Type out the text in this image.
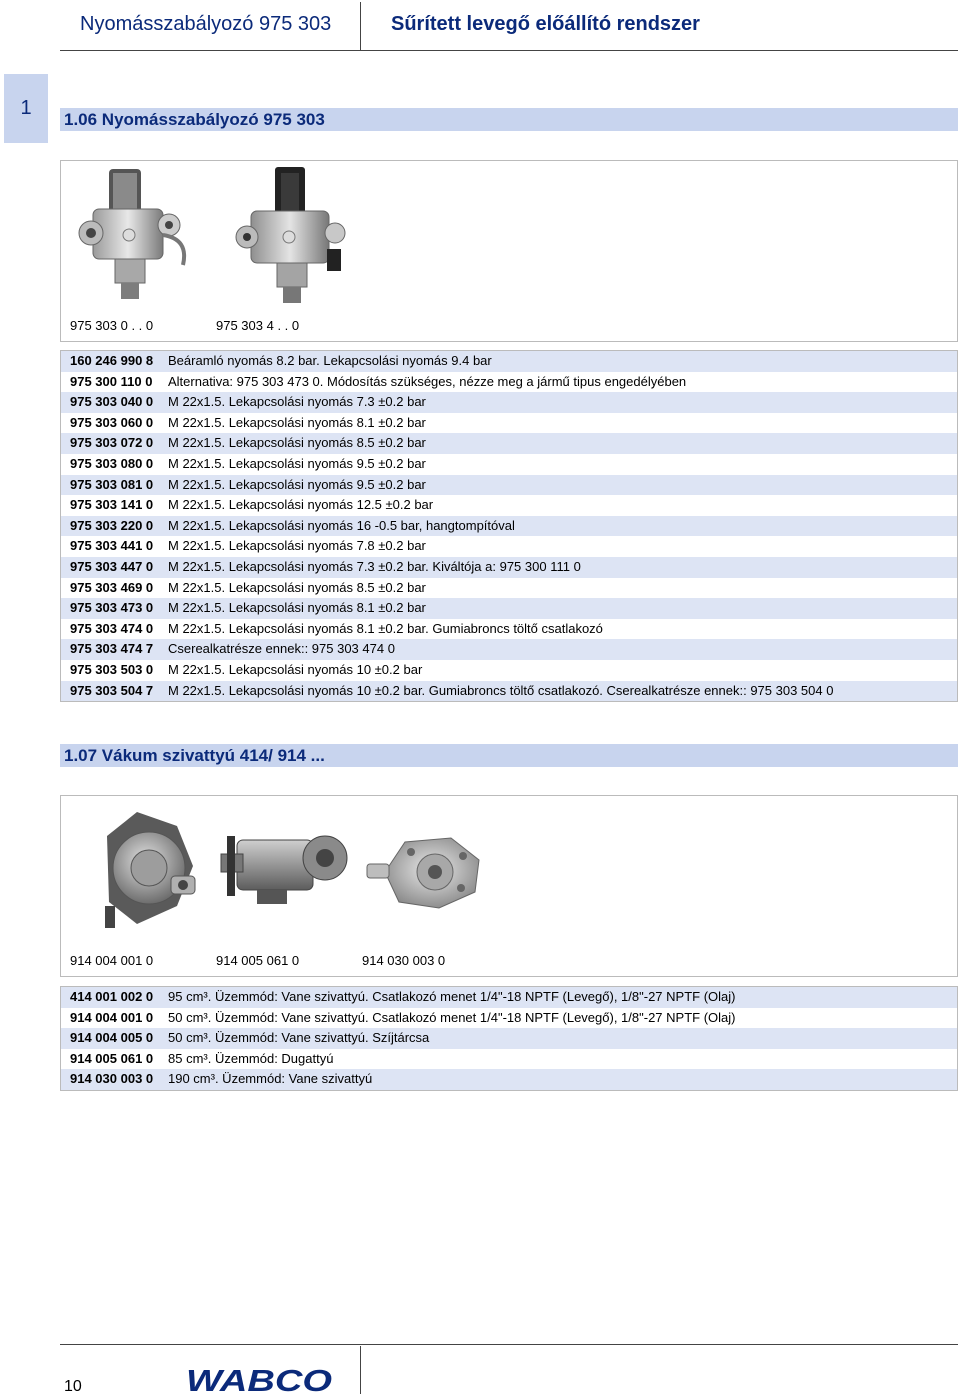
Nyomásszabályozó 975 303	Sűrített levegő előállító rendszer
1
1.06 Nyomásszabályozó 975 303
975 303 0 . . 0	975 303 4 . . 0
160 246 990 8 Beáramló nyomás 8.2 bar. Lekapcsolási nyomás 9.4 bar
975 300 110 0 Alternativa: 975 303 473 0. Módosítás szükséges, nézze meg a jármű tipus engedélyében
975 303 040 0 M 22x1.5. Lekapcsolási nyomás 7.3 ±0.2 bar
975 303 060 0 M 22x1.5. Lekapcsolási nyomás 8.1 ±0.2 bar
975 303 072 0 M 22x1.5. Lekapcsolási nyomás 8.5 ±0.2 bar
975 303 080 0 M 22x1.5. Lekapcsolási nyomás 9.5 ±0.2 bar
975 303 081 0 M 22x1.5. Lekapcsolási nyomás 9.5 ±0.2 bar
975 303 141 0 M 22x1.5. Lekapcsolási nyomás 12.5 ±0.2 bar
975 303 220 0 M 22x1.5. Lekapcsolási nyomás 16 -0.5 bar, hangtompítóval
975 303 441 0 M 22x1.5. Lekapcsolási nyomás 7.8 ±0.2 bar
975 303 447 0 M 22x1.5. Lekapcsolási nyomás 7.3 ±0.2 bar. Kiváltója a: 975 300 111 0
975 303 469 0 M 22x1.5. Lekapcsolási nyomás 8.5 ±0.2 bar
975 303 473 0 M 22x1.5. Lekapcsolási nyomás 8.1 ±0.2 bar
975 303 474 0 M 22x1.5. Lekapcsolási nyomás 8.1 ±0.2 bar. Gumiabroncs töltő csatlakozó
975 303 474 7 Cserealkatrésze ennek:: 975 303 474 0
975 303 503 0 M 22x1.5. Lekapcsolási nyomás 10 ±0.2 bar
975 303 504 7 M 22x1.5. Lekapcsolási nyomás 10 ±0.2 bar. Gumiabroncs töltő csatlakozó. Cserealkatrésze ennek:: 975 303 504 0
1.07 Vákum szivattyú 414/ 914 ...
914 004 001 0	914 005 061 0	914 030 003 0
414 001 002 0 95 cm³. Üzemmód: Vane szivattyú. Csatlakozó menet 1/4"-18 NPTF (Levegő), 1/8"-27 NPTF (Olaj)
914 004 001 0 50 cm³. Üzemmód: Vane szivattyú. Csatlakozó menet 1/4"-18 NPTF (Levegő), 1/8"-27 NPTF (Olaj)
914 004 005 0 50 cm³. Üzemmód: Vane szivattyú. Szíjtárcsa
914 005 061 0 85 cm³. Üzemmód: Dugattyú
914 030 003 0 190 cm³. Üzemmód: Vane szivattyú
10	WABCO
